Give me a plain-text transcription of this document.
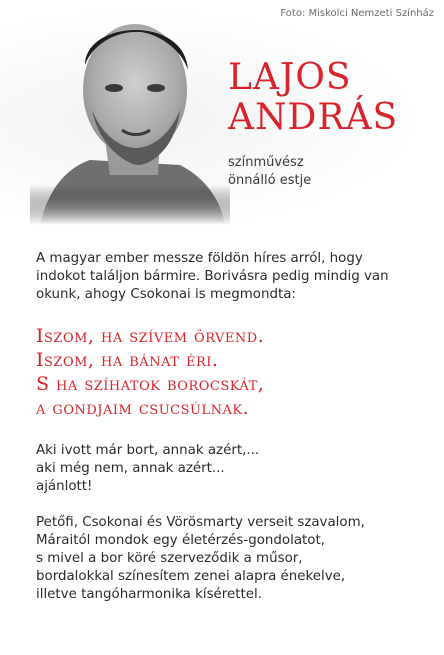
Foto: Miskolci Nemzeti Színház
LAJOS
ANDRÁS
színművész
önnálló estje
A magyar ember messze földön híres arról, hogy
indokot találjon bármire. Borivásra pedig mindig van
okunk, ahogy Csokonai is megmondta:
Iszom, ha szívem örvend.
Iszom, ha bánat éri.
S ha szíhatok borocskát,
a gondjaim csucsúlnak.
Aki ivott már bort, annak azért,...
aki még nem, annak azért...
ajánlott!
Petőfi, Csokonai és Vörösmarty verseit szavalom,
Máraitól mondok egy életérzés-gondolatot,
s mivel a bor köré szerveződik a műsor,
bordalokkal színesítem zenei alapra énekelve,
illetve tangóharmonika kísérettel.
